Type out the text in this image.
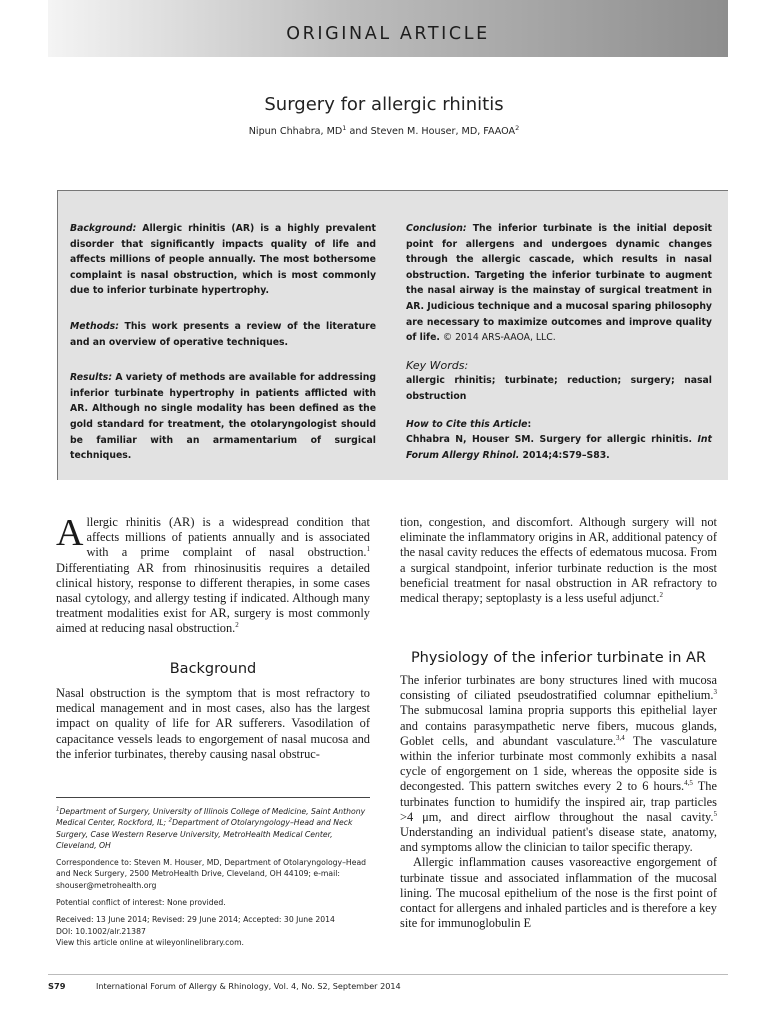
ORIGINAL ARTICLE
Surgery for allergic rhinitis
Nipun Chhabra, $MD^1$ and Steven M. Houser, MD, FAAOA$^2$

Background: Allergic rhinitis (AR) is a highly prevalent disorder that significantly impacts quality of life and affects millions of people annually. The most bothersome complaint is nasal obstruction, which is most commonly due to inferior turbinate hypertrophy.

Methods: This work presents a review of the literature and an overview of operative techniques.

Results: A variety of methods are available for addressing inferior turbinate hypertrophy in patients afflicted with AR. Although no single modality has been defined as the gold standard for treatment, the otolaryngologist should be familiar with an armamentarium of surgical techniques.

Conclusion: The inferior turbinate is the initial deposit point for allergens and undergoes dynamic changes through the allergic cascade, which results in nasal obstruction. Targeting the inferior turbinate to augment the nasal airway is the mainstay of surgical treatment in AR. Judicious technique and a mucosal sparing philosophy are necessary to maximize outcomes and improve quality of life. © 2014 ARS-AAOA, LLC.

Key Words:

allergic rhinitis; turbinate; reduction; surgery; nasal obstruction

How to Cite this Article:
Chhabra N, Houser SM. Surgery for allergic rhinitis. Int Forum Allergy Rhinol. 2014;4:S79–S83.

Allergic rhinitis (AR) is a widespread condition that affects millions of patients annually and is associated with a prime complaint of nasal obstruction.$^1$ Differentiating AR from rhinosinusitis requires a detailed clinical history, response to different therapies, in some cases nasal cytology, and allergy testing if indicated. Although many treatment modalities exist for AR, surgery is most commonly aimed at reducing nasal obstruction.$^2$

tion, congestion, and discomfort. Although surgery will not eliminate the inflammatory origins in AR, additional patency of the nasal cavity reduces the effects of edematous mucosa. From a surgical standpoint, inferior turbinate reduction is the most beneficial treatment for nasal obstruction in AR refractory to medical therapy; septoplasty is a less useful adjunct.$^2$

Background

Nasal obstruction is the symptom that is most refractory to medical management and in most cases, also has the largest impact on quality of life for AR sufferers. Vasodilation of capacitance vessels leads to engorgement of nasal mucosa and the inferior turbinates, thereby causing nasal obstruc-

Physiology of the inferior turbinate in AR

The inferior turbinates are bony structures lined with mucosa consisting of ciliated pseudostratified columnar epithelium.$^3$ The submucosal lamina propria supports this epithelial layer and contains parasympathetic nerve fibers, mucous glands, Goblet cells, and abundant vasculature.$^{3,4}$ The vasculature within the inferior turbinate most commonly exhibits a nasal cycle of engorgement on 1 side, whereas the opposite side is decongested. This pattern switches every 2 to 6 hours.$^{4,5}$ The turbinates function to humidify the inspired air, trap particles >4 μm, and direct airflow throughout the nasal cavity.$^5$ Understanding an individual patient's disease state, anatomy, and symptoms allow the clinician to tailor specific therapy.

Allergic inflammation causes vasoreactive engorgement of turbinate tissue and associated inflammation of the mucosal lining. The mucosal epithelium of the nose is the first point of contact for allergens and inhaled particles and is therefore a key site for immunoglobulin E

$^1$Department of Surgery, University of Illinois College of Medicine, Saint Anthony Medical Center, Rockford, IL; $^2$Department of Otolaryngology–Head and Neck Surgery, Case Western Reserve University, MetroHealth Medical Center, Cleveland, OH

Correspondence to: Steven M. Houser, MD, Department of Otolaryngology–Head and Neck Surgery, 2500 MetroHealth Drive, Cleveland, OH 44109; e-mail: shouser@metrohealth.org

Potential conflict of interest: None provided.

Received: 13 June 2014; Revised: 29 June 2014; Accepted: 30 June 2014

DOI: 10.1002/alr.21387

View this article online at wileyonlinelibrary.com.

S79	International Forum of Allergy & Rhinology, Vol. 4, No. S2, September 2014
